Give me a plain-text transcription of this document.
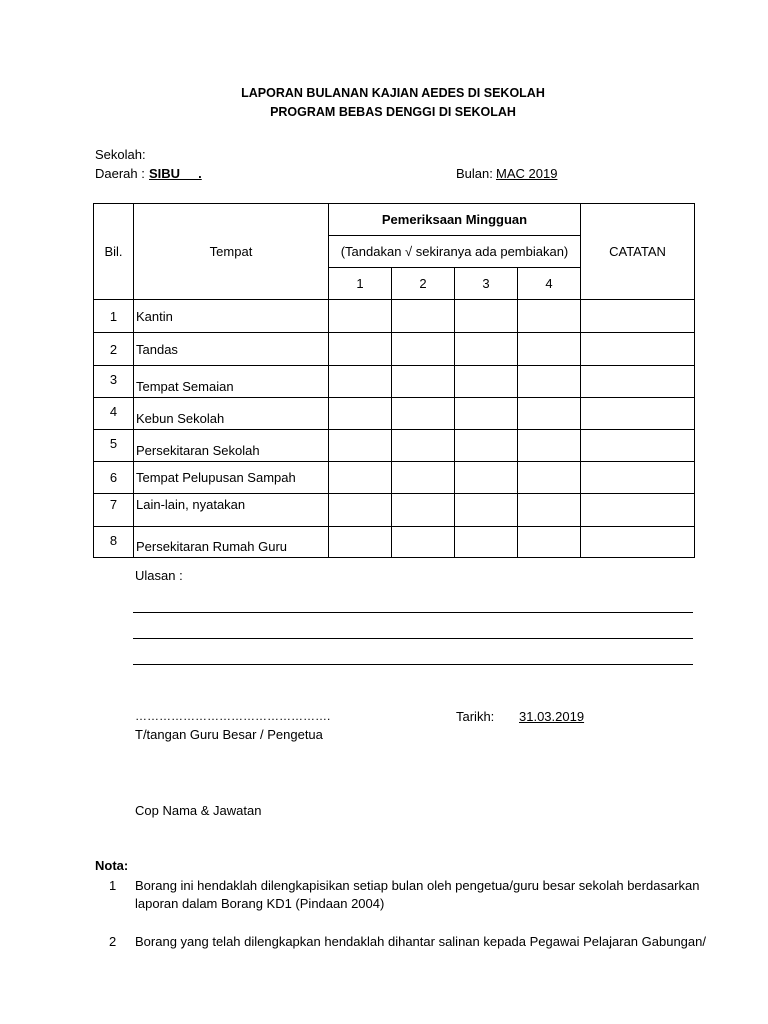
LAPORAN BULANAN KAJIAN AEDES DI SEKOLAH
PROGRAM BEBAS DENGGI DI SEKOLAH
Sekolah:
Daerah : SIBU     .	Bulan: MAC 2019
Bil.	Tempat	Pemeriksaan Mingguan				CATATAN
		(Tandakan √ sekiranya ada pembiakan)				
		1	2	3	4	
1	Kantin					
2	Tandas					
3	Tempat Semaian					
4	Kebun Sekolah					
5	Persekitaran Sekolah					
6	Tempat Pelupusan Sampah					
7	Lain-lain, nyatakan					
8	Persekitaran Rumah Guru					
Ulasan :
………………………………………….	Tarikh: 31.03.2019
T/tangan Guru Besar / Pengetua
Cop Nama & Jawatan
Nota:
1 Borang ini hendaklah dilengkapisikan setiap bulan oleh pengetua/guru besar sekolah berdasarkan
laporan dalam Borang KD1 (Pindaan 2004)
2 Borang yang telah dilengkapkan hendaklah dihantar salinan kepada Pegawai Pelajaran Gabungan/
